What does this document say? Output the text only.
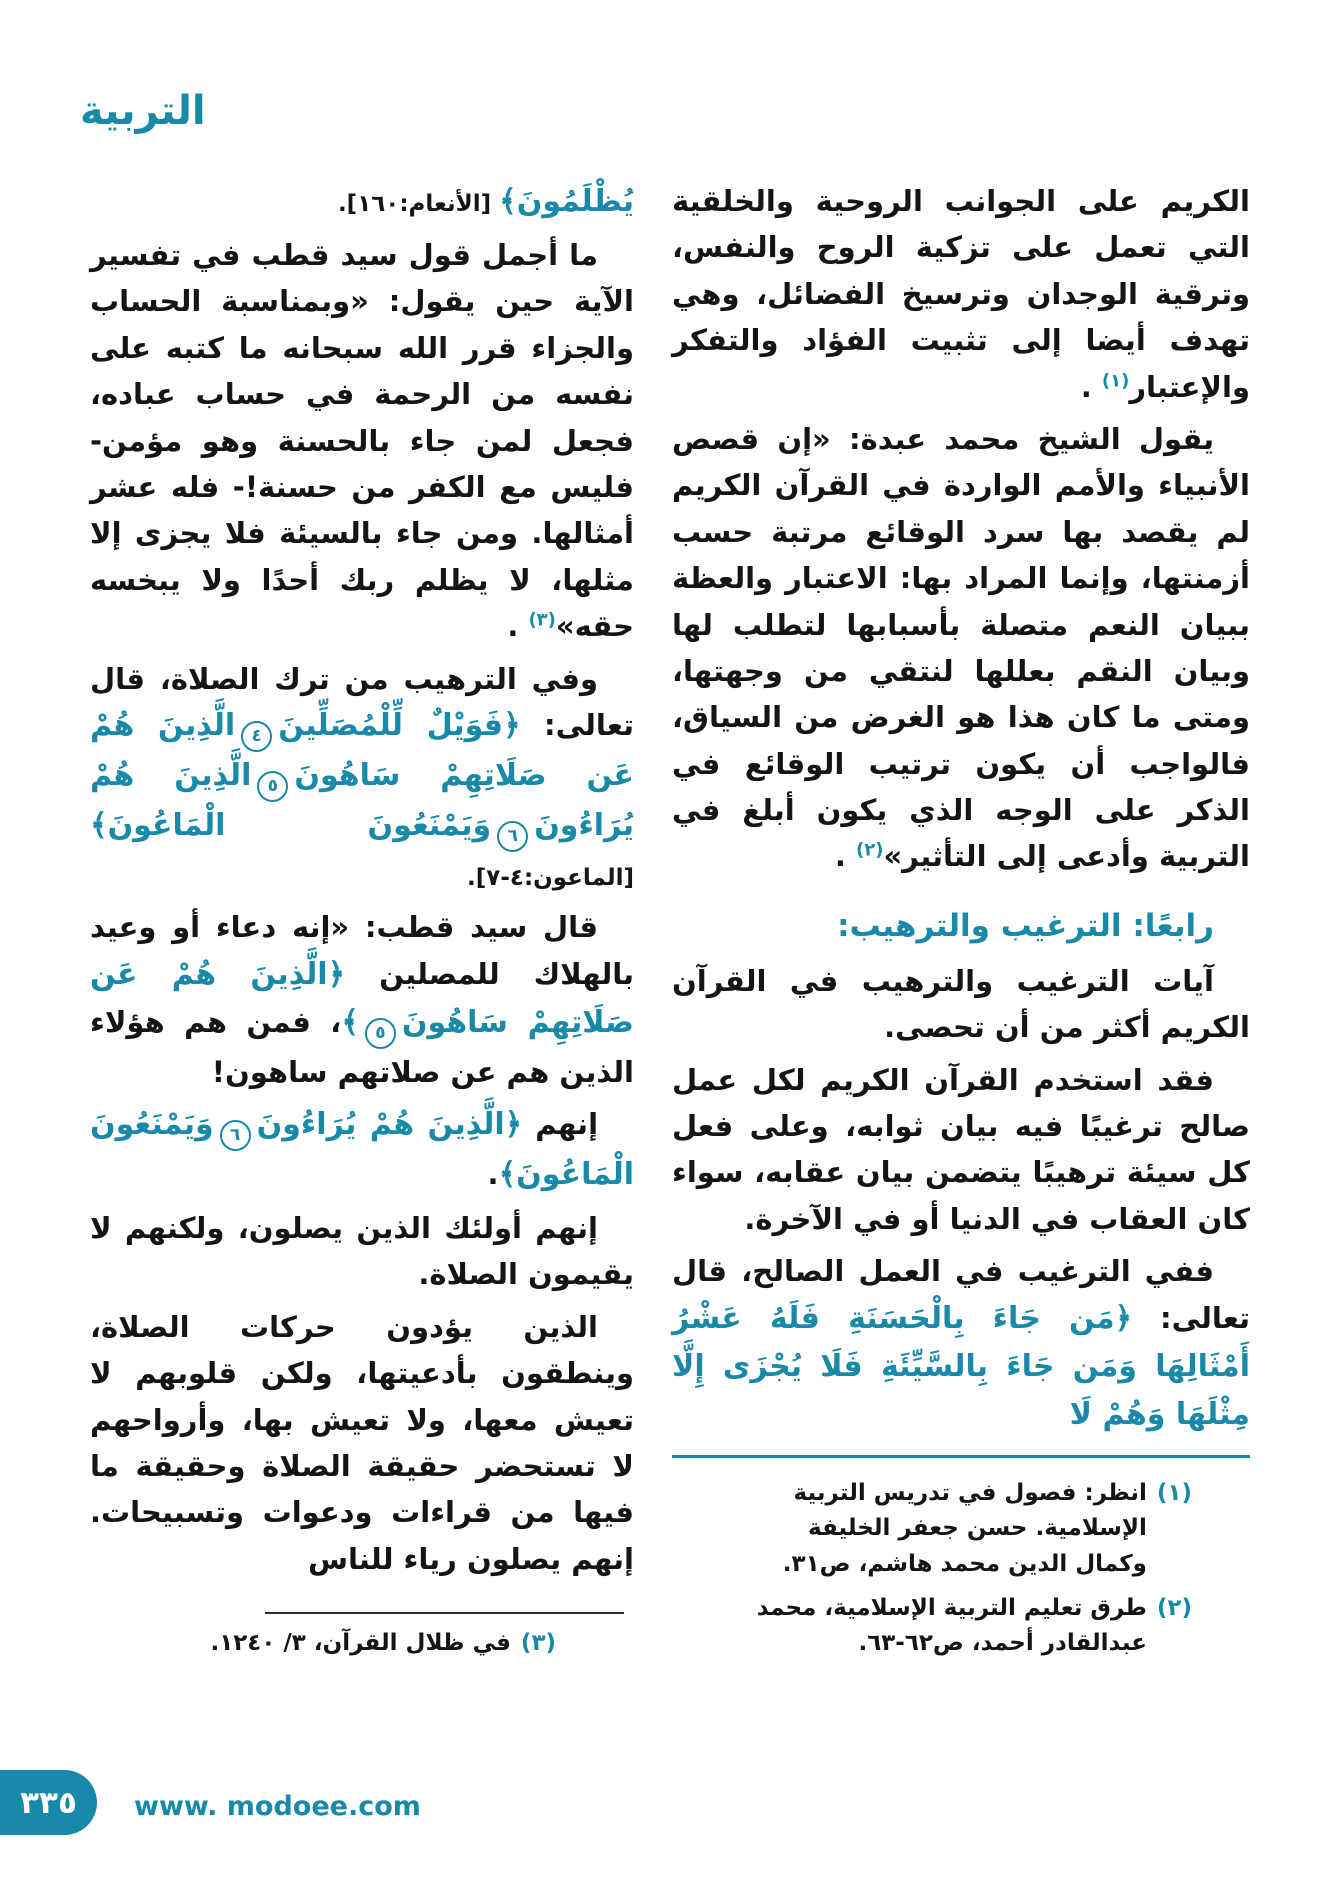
التربية

الكريم على الجوانب الروحية والخلقية التي تعمل على تزكية الروح والنفس، وترقية الوجدان وترسيخ الفضائل، وهي تهدف أيضا إلى تثبيت الفؤاد والتفكر والإعتبار$^{(١)}$ .

يقول الشيخ محمد عبدة: «إن قصص الأنبياء والأمم الواردة في القرآن الكريم لم يقصد بها سرد الوقائع مرتبة حسب أزمنتها، وإنما المراد بها: الاعتبار والعظة ببيان النعم متصلة بأسبابها لتطلب لها وبيان النقم بعللها لنتقي من وجهتها، ومتى ما كان هذا هو الغرض من السياق، فالواجب أن يكون ترتيب الوقائع في الذكر على الوجه الذي يكون أبلغ في التربية وأدعى إلى التأثير»$^{(٢)}$ .

رابعًا: الترغيب والترهيب:

آيات الترغيب والترهيب في القرآن الكريم أكثر من أن تحصى.

فقد استخدم القرآن الكريم لكل عمل صالح ترغيبًا فيه بيان ثوابه، وعلى فعل كل سيئة ترهيبًا يتضمن بيان عقابه، سواء كان العقاب في الدنيا أو في الآخرة.

ففي الترغيب في العمل الصالح، قال تعالى: ﴿مَن جَاءَ بِالْحَسَنَةِ فَلَهُ عَشْرُ أَمْثَالِهَا وَمَن جَاءَ بِالسَّيِّئَةِ فَلَا يُجْزَى إِلَّا مِثْلَهَا وَهُمْ لَا

(١)
انظر: فصول في تدريس التربية الإسلامية. حسن جعفر الخليفة وكمال الدين محمد هاشم، ص٣١.
(٢)
طرق تعليم التربية الإسلامية، محمد عبدالقادر أحمد، ص٦٢-٦٣.

يُظْلَمُونَ﴾ [الأنعام:١٦٠].

ما أجمل قول سيد قطب في تفسير الآية حين يقول: «وبمناسبة الحساب والجزاء قرر الله سبحانه ما كتبه على نفسه من الرحمة في حساب عباده، فجعل لمن جاء بالحسنة وهو مؤمن- فليس مع الكفر من حسنة!- فله عشر أمثالها. ومن جاء بالسيئة فلا يجزى إلا مثلها، لا يظلم ربك أحدًا ولا يبخسه حقه»$^{(٣)}$ .

وفي الترهيب من ترك الصلاة، قال تعالى: ﴿فَوَيْلٌ لِّلْمُصَلِّينَ٤الَّذِينَ هُمْ عَن صَلَاتِهِمْ سَاهُونَ٥الَّذِينَ هُمْ يُرَاءُونَ٦وَيَمْنَعُونَ الْمَاعُونَ﴾ [الماعون:٤-٧].

قال سيد قطب: «إنه دعاء أو وعيد بالهلاك للمصلين ﴿الَّذِينَ هُمْ عَن صَلَاتِهِمْ سَاهُونَ٥﴾، فمن هم هؤلاء الذين هم عن صلاتهم ساهون!

إنهم ﴿الَّذِينَ هُمْ يُرَاءُونَ٦وَيَمْنَعُونَ الْمَاعُونَ﴾.

إنهم أولئك الذين يصلون، ولكنهم لا يقيمون الصلاة.

الذين يؤدون حركات الصلاة، وينطقون بأدعيتها، ولكن قلوبهم لا تعيش معها، ولا تعيش بها، وأرواحهم لا تستحضر حقيقة الصلاة وحقيقة ما فيها من قراءات ودعوات وتسبيحات. إنهم يصلون رياء للناس

(٣)
في ظلال القرآن، ٣/ ١٢٤٠.
٣٣٥ www. modoee.com
